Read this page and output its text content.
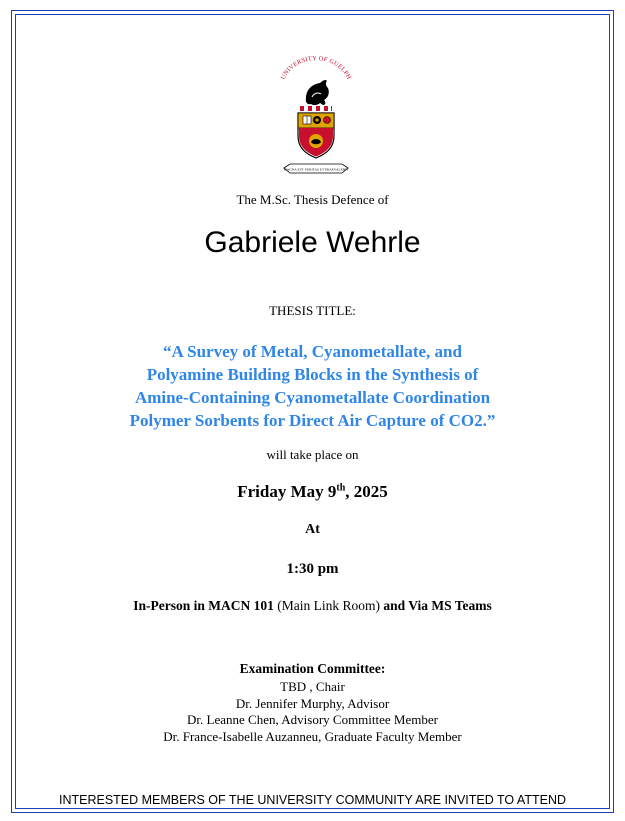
UNIVERSITY OF GUELPH
MAGNA EST VERITAS ET PRAEVALEBIT
The M.Sc. Thesis Defence of
Gabriele Wehrle
THESIS TITLE:
“A Survey of Metal, Cyanometallate, and
Polyamine Building Blocks in the Synthesis of
Amine-Containing Cyanometallate Coordination
Polymer Sorbents for Direct Air Capture of CO2.”
will take place on
Friday May 9th, 2025
At
1:30 pm
In-Person in MACN 101 (Main Link Room) and Via MS Teams
Examination Committee:
TBD , Chair
Dr. Jennifer Murphy, Advisor
Dr. Leanne Chen, Advisory Committee Member
Dr. France-Isabelle Auzanneu, Graduate Faculty Member
INTERESTED MEMBERS OF THE UNIVERSITY COMMUNITY ARE INVITED TO ATTEND
